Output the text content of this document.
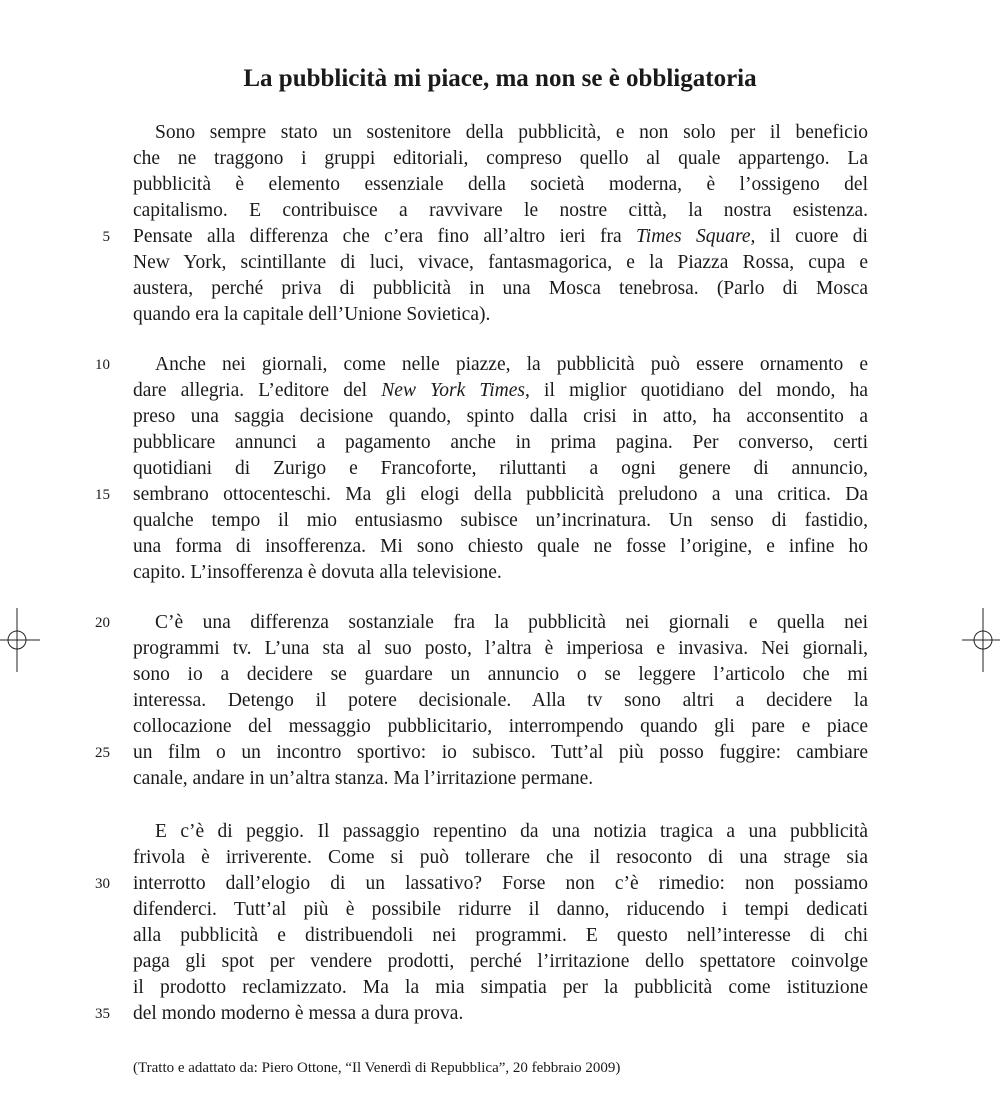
La pubblicità mi piace, ma non se è obbligatoria
Sono sempre stato un sostenitore della pubblicità, e non solo per il beneficio
che ne traggono i gruppi editoriali, compreso quello al quale appartengo. La
pubblicità è elemento essenziale della società moderna, è l’ossigeno del
capitalismo. E contribuisce a ravvivare le nostre città, la nostra esistenza.
Pensate alla differenza che c’era fino all’altro ieri fra Times Square, il cuore di
5
New York, scintillante di luci, vivace, fantasmagorica, e la Piazza Rossa, cupa e
austera, perché priva di pubblicità in una Mosca tenebrosa. (Parlo di Mosca
quando era la capitale dell’Unione Sovietica).
Anche nei giornali, come nelle piazze, la pubblicità può essere ornamento e
10
dare allegria. L’editore del New York Times, il miglior quotidiano del mondo, ha
preso una saggia decisione quando, spinto dalla crisi in atto, ha acconsentito a
pubblicare annunci a pagamento anche in prima pagina. Per converso, certi
quotidiani di Zurigo e Francoforte, riluttanti a ogni genere di annuncio,
sembrano ottocenteschi. Ma gli elogi della pubblicità preludono a una critica. Da
15
qualche tempo il mio entusiasmo subisce un’incrinatura. Un senso di fastidio,
una forma di insofferenza. Mi sono chiesto quale ne fosse l’origine, e infine ho
capito. L’insofferenza è dovuta alla televisione.
C’è una differenza sostanziale fra la pubblicità nei giornali e quella nei
20
programmi tv. L’una sta al suo posto, l’altra è imperiosa e invasiva. Nei giornali,
sono io a decidere se guardare un annuncio o se leggere l’articolo che mi
interessa. Detengo il potere decisionale. Alla tv sono altri a decidere la
collocazione del messaggio pubblicitario, interrompendo quando gli pare e piace
un film o un incontro sportivo: io subisco. Tutt’al più posso fuggire: cambiare
25
canale, andare in un’altra stanza. Ma l’irritazione permane.
E c’è di peggio. Il passaggio repentino da una notizia tragica a una pubblicità
frivola è irriverente. Come si può tollerare che il resoconto di una strage sia
interrotto dall’elogio di un lassativo? Forse non c’è rimedio: non possiamo
30
difenderci. Tutt’al più è possibile ridurre il danno, riducendo i tempi dedicati
alla pubblicità e distribuendoli nei programmi. E questo nell’interesse di chi
paga gli spot per vendere prodotti, perché l’irritazione dello spettatore coinvolge
il prodotto reclamizzato. Ma la mia simpatia per la pubblicità come istituzione
del mondo moderno è messa a dura prova.
35
(Tratto e adattato da: Piero Ottone, “Il Venerdì di Repubblica”, 20 febbraio 2009)
